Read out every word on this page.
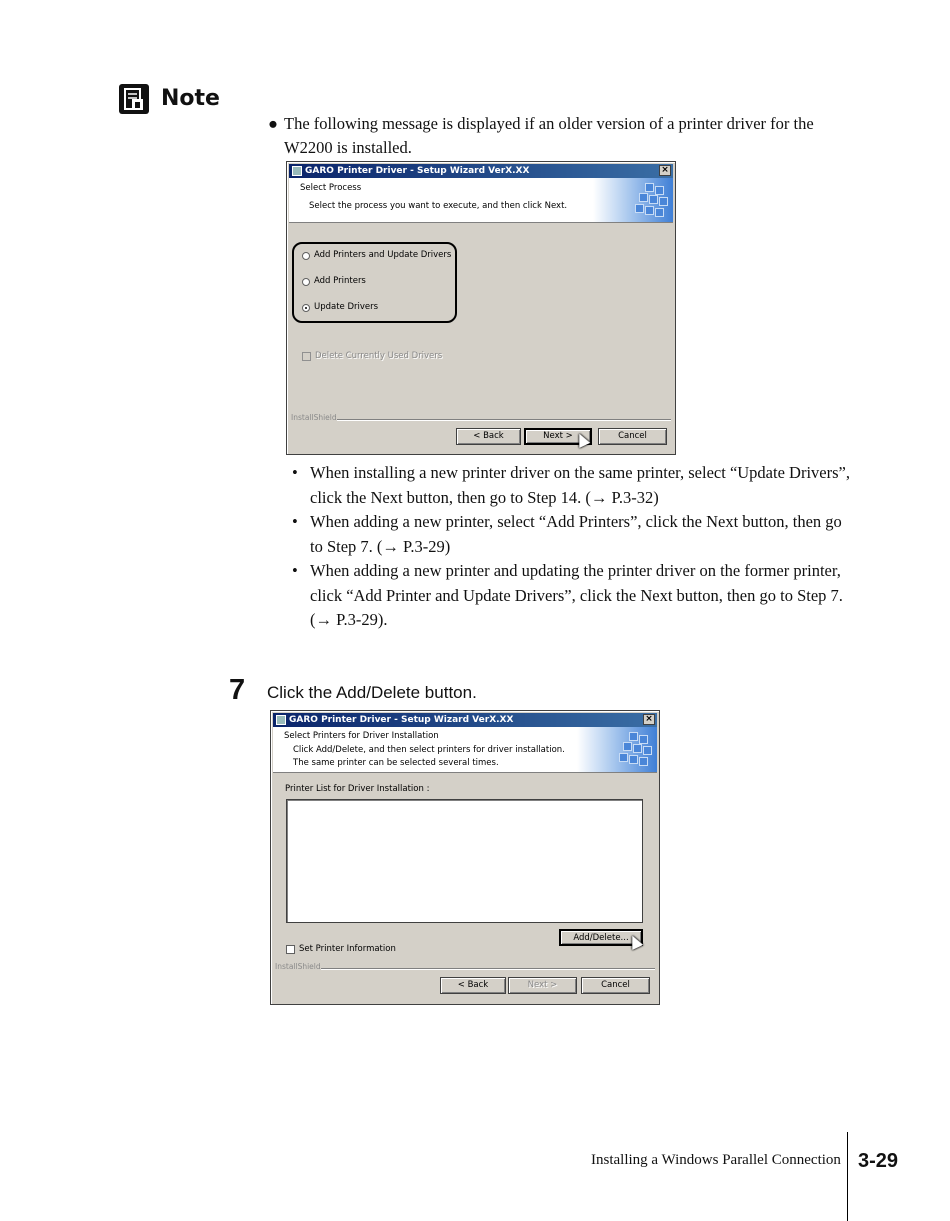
Note
● The following message is displayed if an older version of a printer driver for the W2200 is installed.
GARO Printer Driver - Setup Wizard VerX.XX	×
Select Process
Select the process you want to execute, and then click Next.
Add Printers and Update Drivers
Add Printers
Update Drivers
Delete Currently Used Drivers
InstallShield
< Back	Next >	Cancel
• When installing a new printer driver on the same printer, select “Update Drivers”, click the Next button, then go to Step 14. (→ P.3-32)
• When adding a new printer, select “Add Printers”, click the Next button, then go to Step 7. (→ P.3-29)
• When adding a new printer and updating the printer driver on the former printer, click “Add Printer and Update Drivers”, click the Next button, then go to Step 7. (→ P.3-29).
7 Click the Add/Delete button.
GARO Printer Driver - Setup Wizard VerX.XX	×
Select Printers for Driver Installation
Click Add/Delete, and then select printers for driver installation.
The same printer can be selected several times.
Printer List for Driver Installation :
Add/Delete...
Set Printer Information
InstallShield
< Back	Next >	Cancel
Installing a Windows Parallel Connection 3-29
